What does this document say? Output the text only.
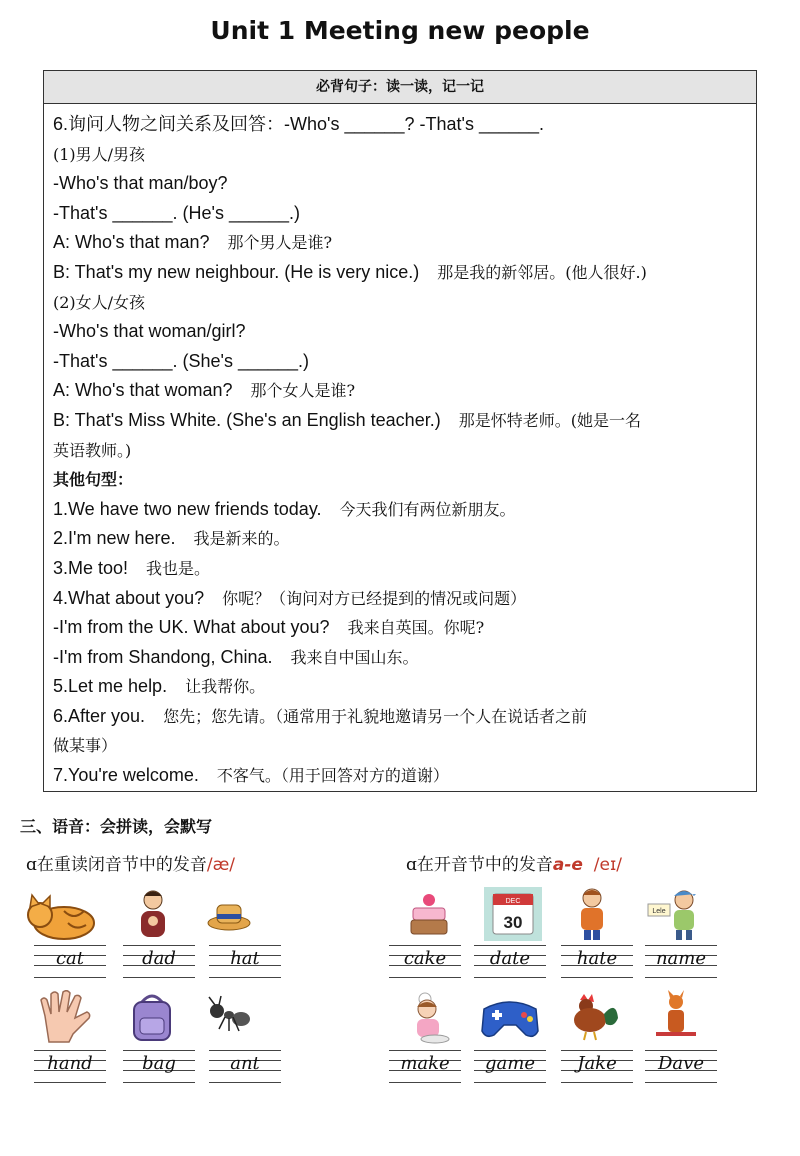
Unit 1 Meeting new people
必背句子：读一读，记一记
6.询问人物之间关系及回答：-Who's ______? -That's ______.
(1)男人/男孩
-Who's that man/boy?
-That's ______. (He's ______.)
A: Who's that man? 那个男人是谁?
B: That's my new neighbour. (He is very nice.) 那是我的新邻居。(他人很好.)
(2)女人/女孩
-Who's that woman/girl?
-That's ______. (She's ______.)
A: Who's that woman? 那个女人是谁?
B: That's Miss White. (She's an English teacher.) 那是怀特老师。(她是一名
英语教师。)
其他句型：
1.We have two new friends today. 今天我们有两位新朋友。
2.I'm new here. 我是新来的。
3.Me too! 我也是。
4.What about you? 你呢？（询问对方已经提到的情况或问题）
-I'm from the UK. What about you? 我来自英国。你呢?
-I'm from Shandong, China. 我来自中国山东。
5.Let me help. 让我帮你。
6.After you. 您先；您先请。（通常用于礼貌地邀请另一个人在说话者之前
做某事）
7.You're welcome. 不客气。（用于回答对方的道谢）
三、语音：会拼读，会默写
ɑ在重读闭音节中的发音/æ/	ɑ在开音节中的发音a-e /eɪ/
DEC
30
Lele
cat	dad	hat
hand	bag	ant
cake	date	hate	name
make	game	Jake	Dave
